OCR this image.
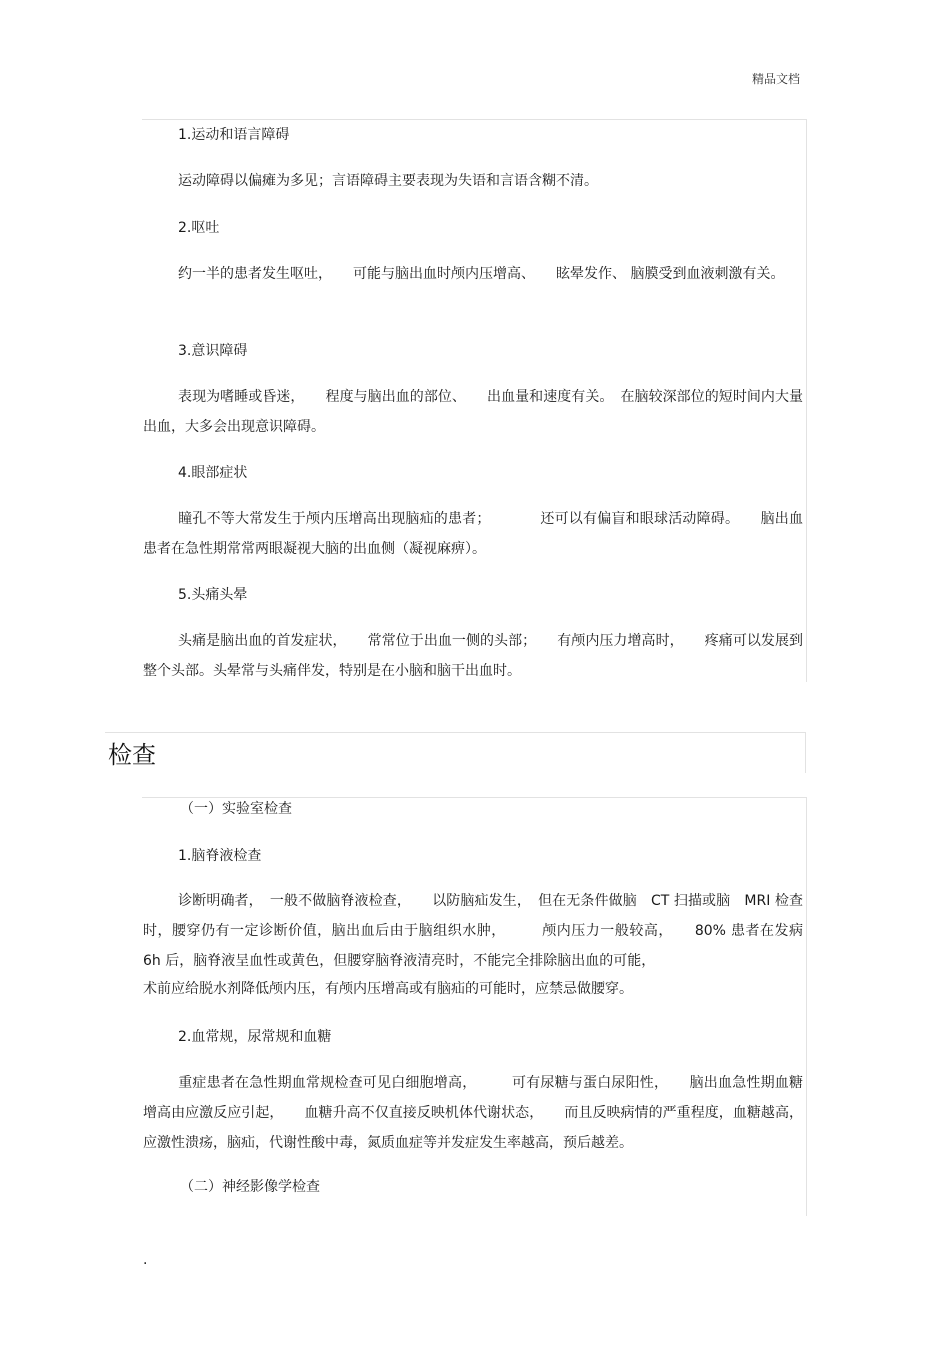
精品文档

1.运动和语言障碍

运动障碍以偏瘫为多见；言语障碍主要表现为失语和言语含糊不清。

2.呕吐

约一半的患者发生呕吐，　　可能与脑出血时颅内压增高、　　眩晕发作、 脑膜受到血液刺激有关。

3.意识障碍

表现为嗜睡或昏迷，　　程度与脑出血的部位、　　出血量和速度有关。　在脑较深部位的短时间内大量出血，大多会出现意识障碍。

4.眼部症状

瞳孔不等大常发生于颅内压增高出现脑疝的患者；　　　　还可以有偏盲和眼球活动障碍。　　脑出血患者在急性期常常两眼凝视大脑的出血侧（凝视麻痹）。

5.头痛头晕

头痛是脑出血的首发症状，　　常常位于出血一侧的头部；　　有颅内压力增高时，　　疼痛可以发展到整个头部。头晕常与头痛伴发，特别是在小脑和脑干出血时。

检查

（一）实验室检查

1.脑脊液检查

诊断明确者，　一般不做脑脊液检查，　　以防脑疝发生，　但在无条件做脑　CT 扫描或脑　MRI 检查时，腰穿仍有一定诊断价值，脑出血后由于脑组织水肿，　　　颅内压力一般较高，　　80% 患者在发病　6h 后，脑脊液呈血性或黄色，但腰穿脑脊液清亮时，不能完全排除脑出血的可能，

术前应给脱水剂降低颅内压，有颅内压增高或有脑疝的可能时，应禁忌做腰穿。

2.血常规，尿常规和血糖

重症患者在急性期血常规检查可见白细胞增高，　　　可有尿糖与蛋白尿阳性，　　脑出血急性期血糖增高由应激反应引起，　　血糖升高不仅直接反映机体代谢状态，　　而且反映病情的严重程度，血糖越高，应激性溃疡，脑疝，代谢性酸中毒，氮质血症等并发症发生率越高，预后越差。

（二）神经影像学检查

.
